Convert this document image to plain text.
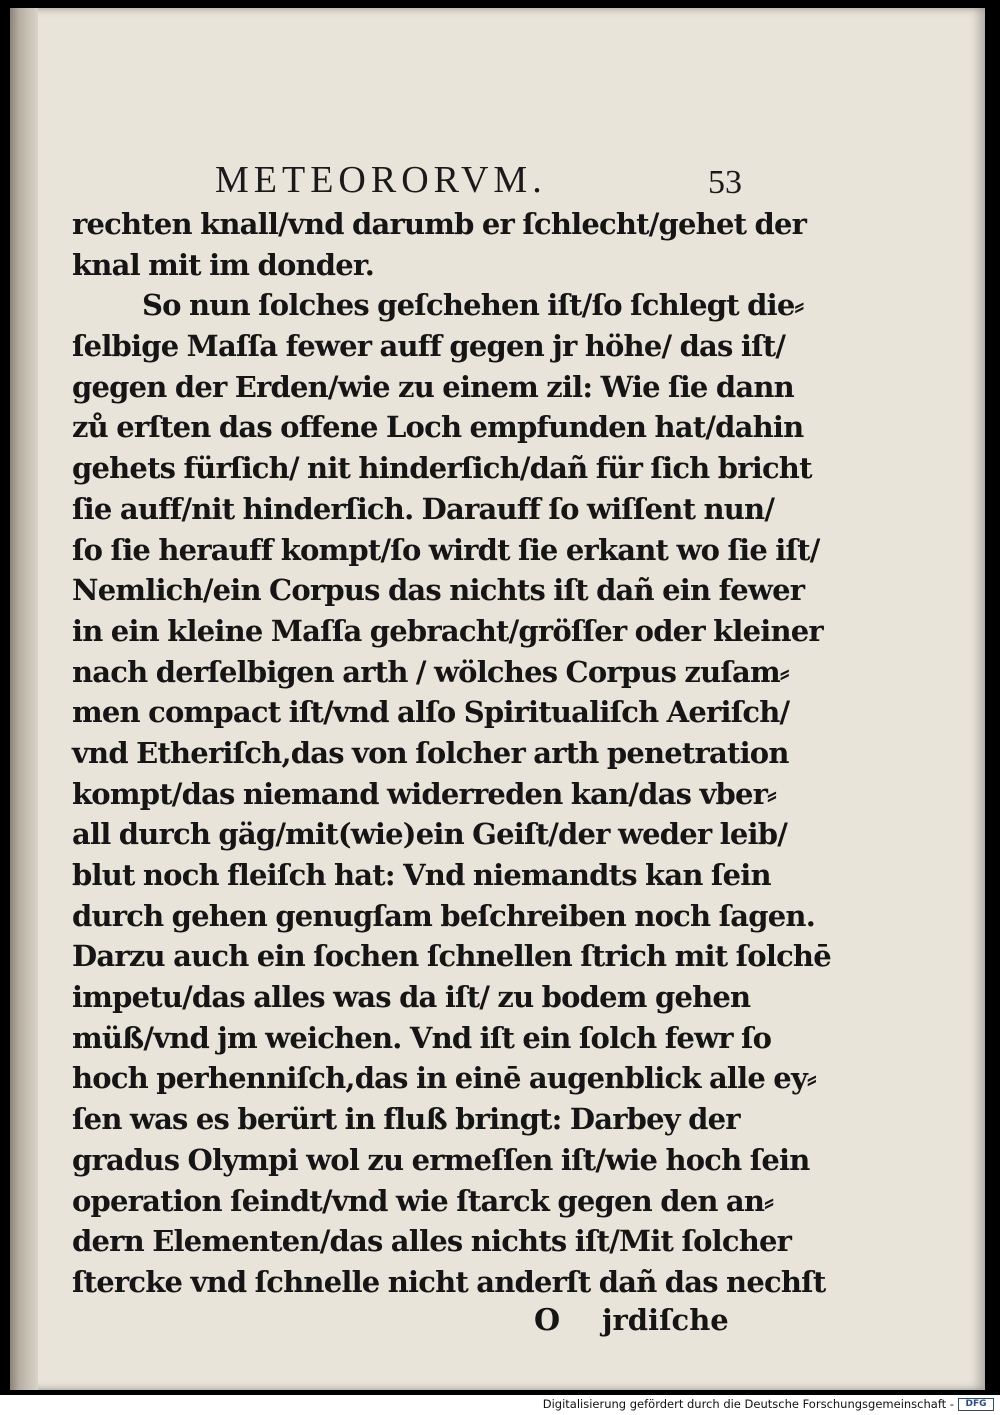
METEORORVM.	53
rechten knall/vnd darumb er ſchlecht/gehet der
knal mit im donder.
So nun ſolches geſchehen iſt/ſo ſchlegt die⸗
ſelbige Maſſa fewer auff gegen jr höhe/ das iſt/
gegen der Erden/wie zu einem zil: Wie ſie dann
zů erſten das offene Loch empfunden hat/dahin
gehets fürſich/ nit hinderſich/dañ für ſich bricht
ſie auff/nit hinderſich. Darauff ſo wiſſent nun/
ſo ſie herauff kompt/ſo wirdt ſie erkant wo ſie iſt/
Nemlich/ein Corpus das nichts iſt dañ ein fewer
in ein kleine Maſſa gebracht/gröſſer oder kleiner
nach derſelbigen arth / wölches Corpus zuſam⸗
men compact iſt/vnd alſo Spiritualiſch Aeriſch/
vnd Etheriſch,das von ſolcher arth penetration
kompt/das niemand widerreden kan/das vber⸗
all durch gäg/mit(wie)ein Geiſt/der weder leib/
blut noch fleiſch hat: Vnd niemandts kan ſein
durch gehen genugſam beſchreiben noch ſagen.
Darzu auch ein ſochen ſchnellen ſtrich mit ſolchē
impetu/das alles was da iſt/ zu bodem gehen
müß/vnd jm weichen. Vnd iſt ein ſolch fewr ſo
hoch perhenniſch,das in einē augenblick alle ey⸗
ſen was es berürt in fluß bringt: Darbey der
gradus Olympi wol zu ermeſſen iſt/wie hoch ſein
operation ſeindt/vnd wie ſtarck gegen den an⸗
dern Elementen/das alles nichts iſt/Mit ſolcher
ſtercke vnd ſchnelle nicht anderſt dañ das nechſt
O jrdiſche
Digitalisierung gefördert durch die Deutsche Forschungsgemeinschaft -	DFG
